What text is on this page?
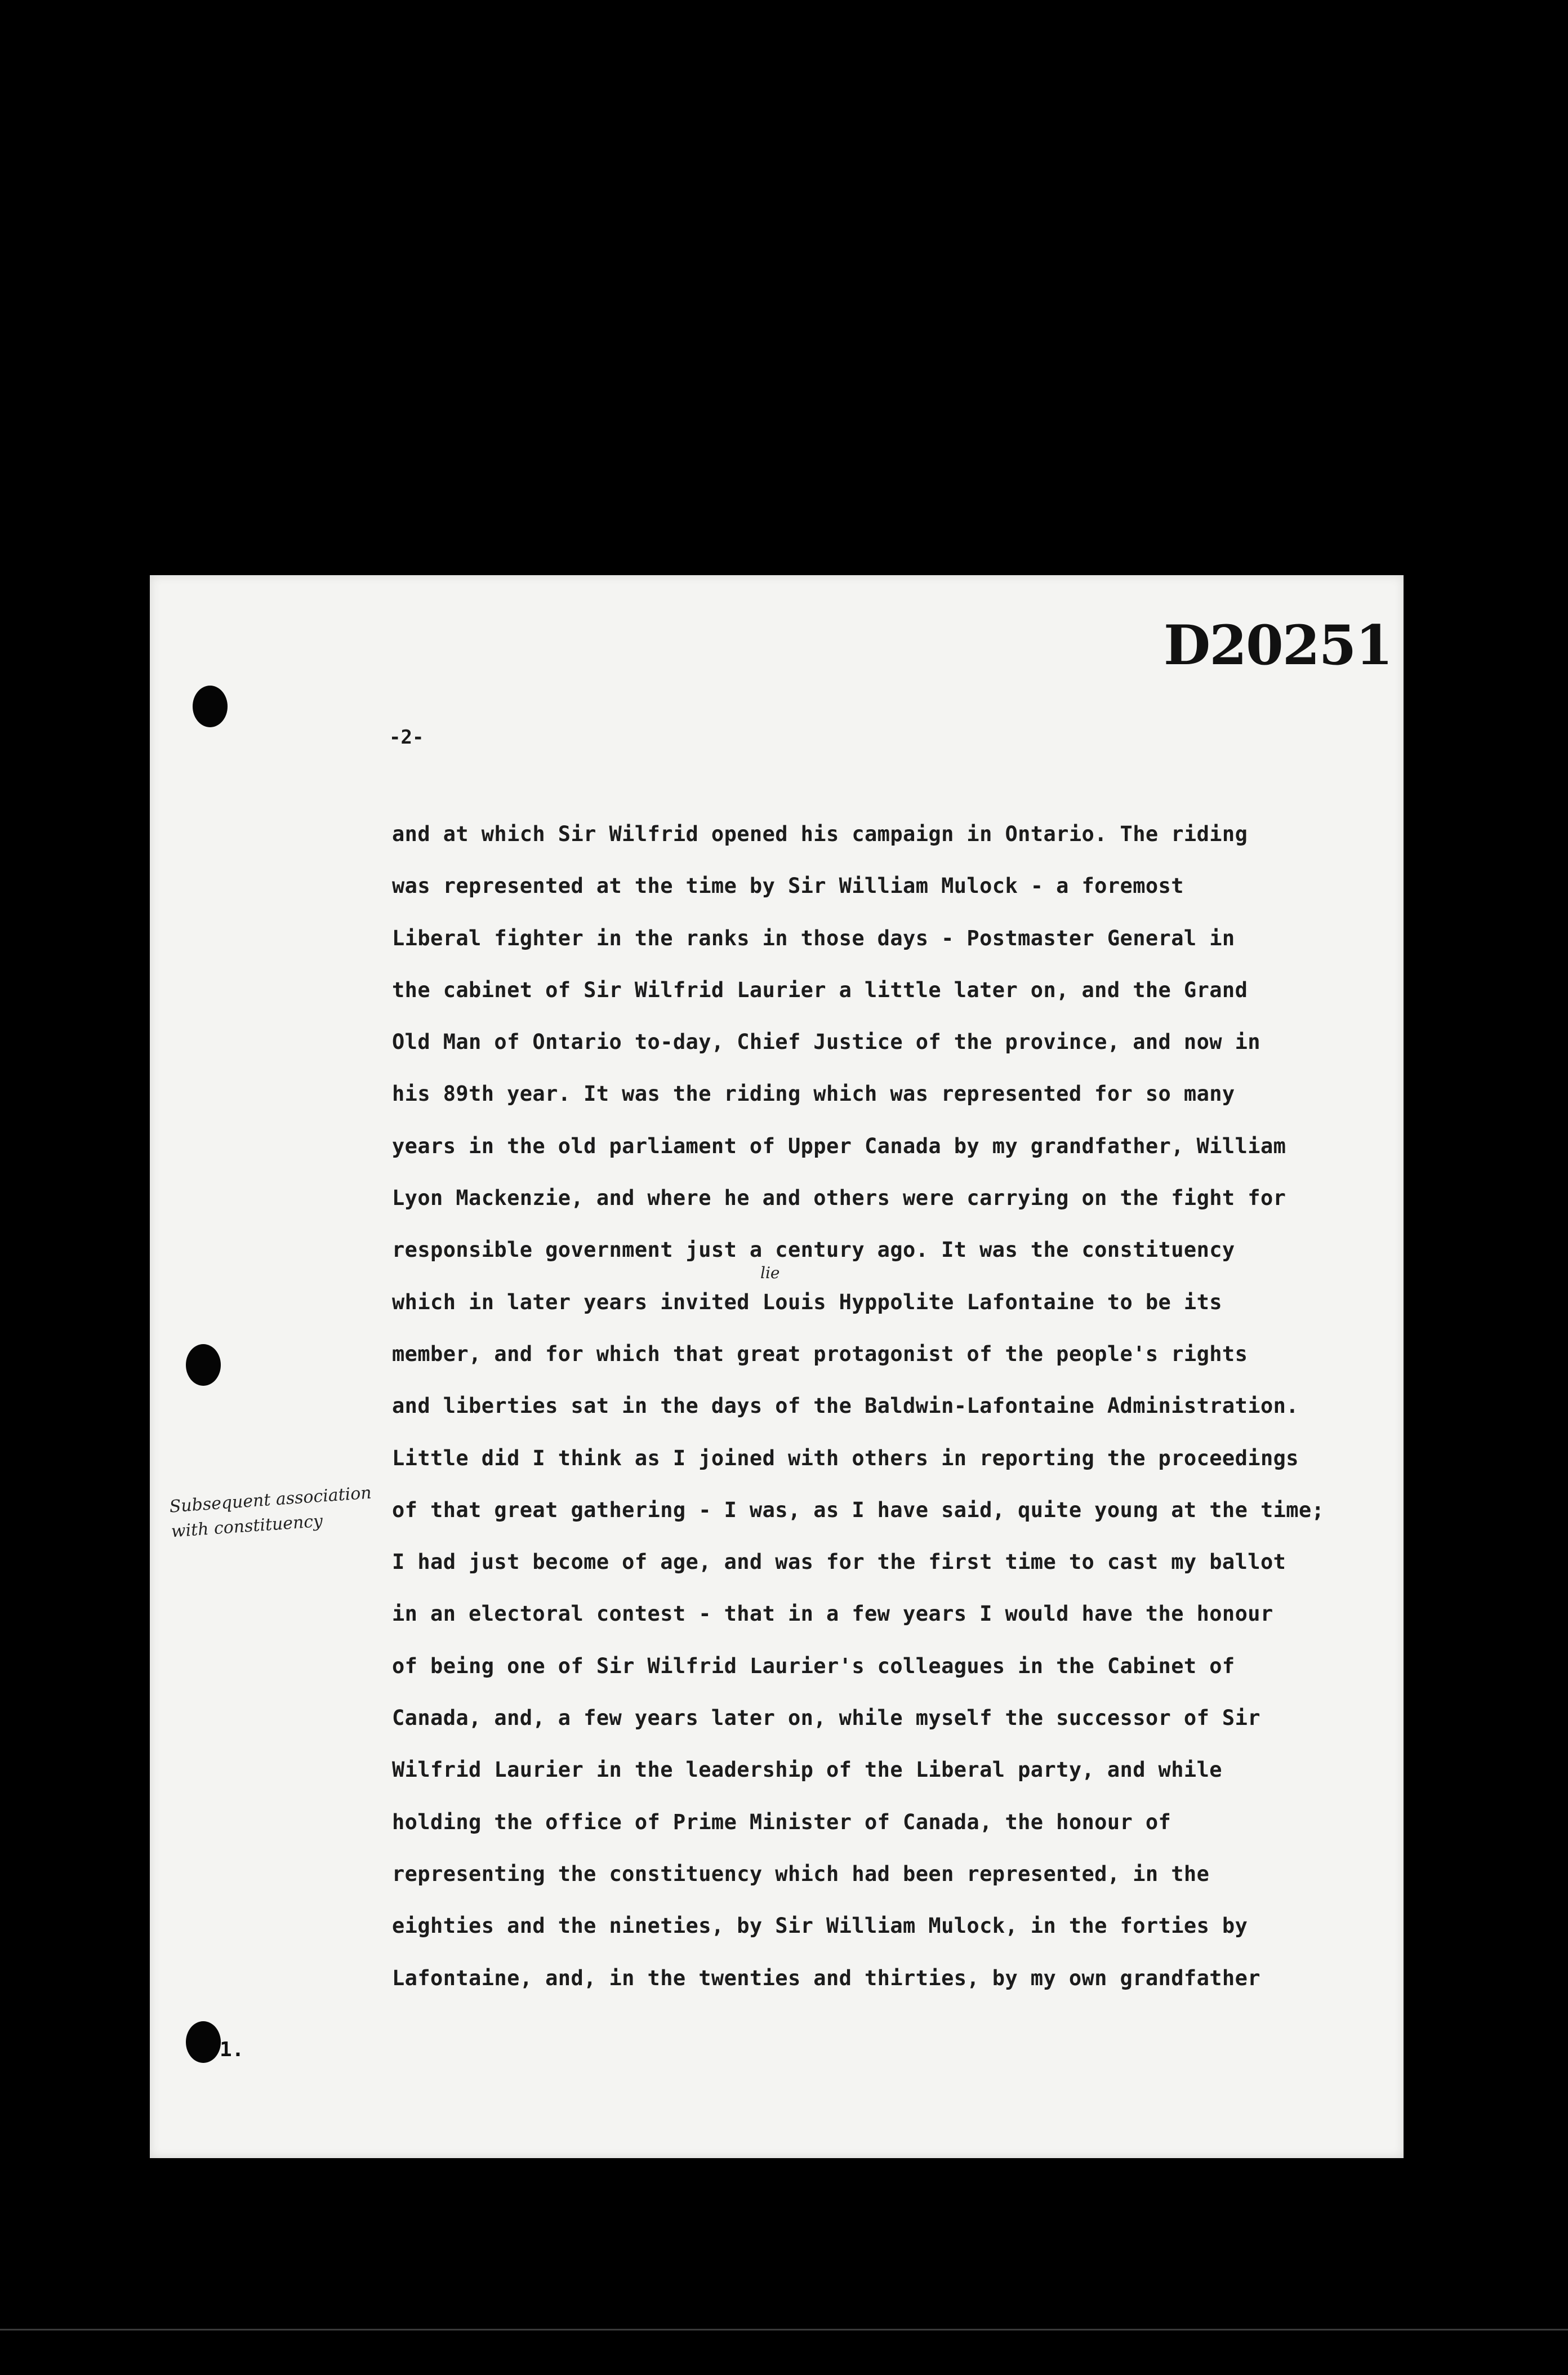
D20251

-2-

lie

and at which Sir Wilfrid opened his campaign in Ontario. The riding
was represented at the time by Sir William Mulock - a foremost
Liberal fighter in the ranks in those days - Postmaster General in
the cabinet of Sir Wilfrid Laurier a little later on, and the Grand
Old Man of Ontario to-day, Chief Justice of the province, and now in
his 89th year. It was the riding which was represented for so many
years in the old parliament of Upper Canada by my grandfather, William
Lyon Mackenzie, and where he and others were carrying on the fight for
responsible government just a century ago. It was the constituency
which in later years invited Louis Hyppolite Lafontaine to be its
member, and for which that great protagonist of the people's rights
and liberties sat in the days of the Baldwin-Lafontaine Administration.
Little did I think as I joined with others in reporting the proceedings
of that great gathering - I was, as I have said, quite young at the time;
I had just become of age, and was for the first time to cast my ballot
in an electoral contest - that in a few years I would have the honour
of being one of Sir Wilfrid Laurier's colleagues in the Cabinet of
Canada, and, a few years later on, while myself the successor of Sir
Wilfrid Laurier in the leadership of the Liberal party, and while
holding the office of Prime Minister of Canada, the honour of
representing the constituency which had been represented, in the
eighties and the nineties, by Sir William Mulock, in the forties by
Lafontaine, and, in the twenties and thirties, by my own grandfather

Subsequent association with constituency

1.
